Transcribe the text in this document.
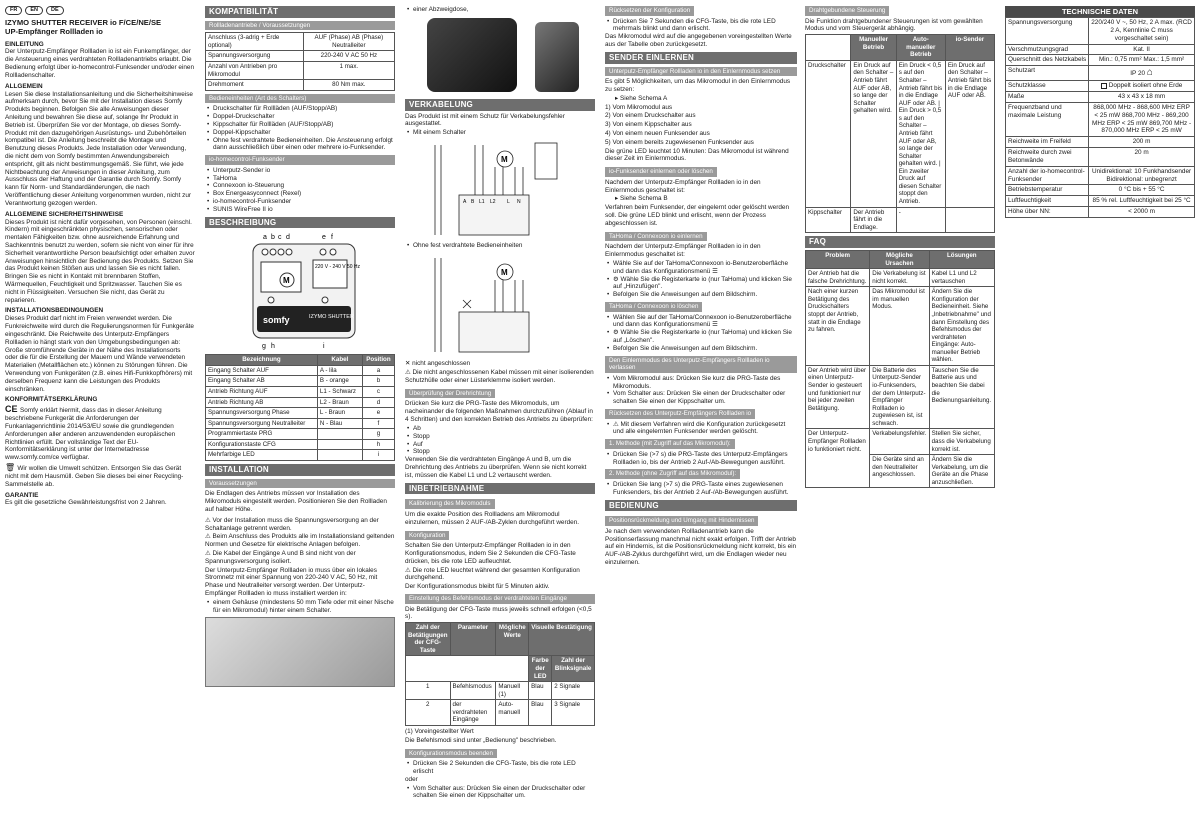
FR	EN	DE
IZYMO SHUTTER RECEIVER io F/CE/NE/SE
UP-Empfänger Rollladen io
EINLEITUNG

Der Unterputz-Empfänger Rollladen io ist ein Funkempfänger, der die Ansteuerung eines verdrahteten Rollladenantriebs erlaubt. Die Bedienung erfolgt über io-homecontrol-Funksender und/oder einen Rollladenschalter.

ALLGEMEIN

Lesen Sie diese Installationsanleitung und die Sicherheitshinweise aufmerksam durch, bevor Sie mit der Installation dieses Somfy Produkts beginnen. Befolgen Sie alle Anweisungen dieser Anleitung und bewahren Sie diese auf, solange Ihr Produkt in Betrieb ist. Überprüfen Sie vor der Montage, ob dieses Somfy-Produkt mit den dazugehörigen Ausrüstungs- und Zubehörteilen kompatibel ist. Die Anleitung beschreibt die Montage und Benutzung dieses Produkts. Jede Installation oder Verwendung, die nicht dem von Somfy bestimmten Anwendungsbereich entspricht, gilt als nicht bestimmungsgemäß. Sie führt, wie jede Nichtbeachtung der Anweisungen in dieser Anleitung, zum Ausschluss der Haftung und der Garantie durch Somfy. Somfy kann für Norm- und Standardänderungen, die nach Veröffentlichung dieser Anleitung vorgenommen wurden, nicht zur Verantwortung gezogen werden.

ALLGEMEINE SICHERHEITSHINWEISE

Dieses Produkt ist nicht dafür vorgesehen, von Personen (einschl. Kindern) mit eingeschränkten physischen, sensorischen oder mentalen Fähigkeiten bzw. ohne ausreichende Erfahrung und Sachkenntnis benutzt zu werden, sofern sie nicht von einer für ihre Sicherheit verantwortliche Person beaufsichtigt oder erhalten zuvor Anweisungen hinsichtlich der Bedienung des Produkts. Setzen Sie das Produkt keinen Stößen aus und lassen Sie es nicht fallen. Bringen Sie es nicht in Kontakt mit brennbaren Stoffen, Wärmequellen, Feuchtigkeit und Spritzwasser. Tauchen Sie es nicht in Flüssigkeiten. Versuchen Sie nicht, das Gerät zu reparieren.

INSTALLATIONSBEDINGUNGEN

Dieses Produkt darf nicht im Freien verwendet werden. Die Funkreichweite wird durch die Regulierungsnormen für Funkgeräte eingeschränkt. Die Reichweite des Unterputz-Empfängers Rollladen io hängt stark von den Umgebungsbedingungen ab: Große stromführende Geräte in der Nähe des Installationsorts oder die für die Erstellung der Mauern und Wände verwendeten Materialien (Metallflächen etc.) können zu Störungen führen. Die Verwendung von Funkgeräten (z.B. eines Hifi-Funkkopfhörers) mit derselben Frequenz kann die Leistungen des Produkts einschränken.

KONFORMITÄTSERKLÄRUNG

CE Somfy erklärt hiermit, dass das in dieser Anleitung beschriebene Funkgerät die Anforderungen der Funkanlagenrichtlinie 2014/53/EU sowie die grundlegenden Anforderungen aller anderen anzuwendenden europäischen Richtlinien erfüllt. Der vollständige Text der EU-Konformitätserklärung ist unter der Internetadresse www.somfy.com/ce verfügbar.

🗑 Wir wollen die Umwelt schützen. Entsorgen Sie das Gerät nicht mit dem Hausmüll. Geben Sie dieses bei einer Recycling-Sammelstelle ab.

GARANTIE

Es gilt die gesetzliche Gewährleistungsfrist von 2 Jahren.

KOMPATIBILITÄT
Rollladenantriebe / Voraussetzungen
Anschluss (3-adrig + Erde optional)	AUF (Phase) AB (Phase) Neutralleiter
Spannungsversorgung	220-240 V AC 50 Hz
Anzahl von Antrieben pro Mikromodul	1 max.
Drehmoment	80 Nm max.
Bedieneinheiten (Art des Schalters)
• Druckschalter für Rollläden (AUF/Stopp/AB)
• Doppel-Druckschalter
• Kippschalter für Rollläden (AUF/Stopp/AB)
• Doppel-Kippschalter
• Ohne fest verdrahtete Bedieneinheiten. Die Ansteuerung erfolgt dann ausschließlich über einen oder mehrere io-Funksender.
io-homecontrol-Funksender
• Unterputz-Sender io
• TaHoma
• Connexoon io-Steuerung
• Box Energeasyconnect (Rexel)
• io-homecontrol-Funksender
• SUNIS WireFree II io
BESCHREIBUNG
a b c d	e f
M
220 V - 240 V 50 Hz
somfy	IZYMO SHUTTER
g h	i
Bezeichnung	Kabel	Position
Eingang Schalter AUF	A - lila	a
Eingang Schalter AB	B - orange	b
Antrieb Richtung AUF	L1 - Schwarz	c
Antrieb Richtung AB	L2 - Braun	d
Spannungsversorgung Phase	L - Braun	e
Spannungsversorgung Neutralleiter	N - Blau	f
Programmiertaste PRG		g
Konfigurationstaste CFG		h
Mehrfarbige LED		i
INSTALLATION
Voraussetzungen

Die Endlagen des Antriebs müssen vor Installation des Mikromoduls eingestellt werden. Positionieren Sie den Rollladen auf halber Höhe.

⚠ Vor der Installation muss die Spannungsversorgung an der Schaltanlage getrennt werden.

⚠ Beim Anschluss des Produkts alle im Installationsland geltenden Normen und Gesetze für elektrische Anlagen befolgen.

⚠ Die Kabel der Eingänge A und B sind nicht von der Spannungsversorgung isoliert.

Der Unterputz-Empfänger Rollladen io muss über ein lokales Stromnetz mit einer Spannung von 220-240 V AC, 50 Hz, mit Phase und Neutralleiter versorgt werden. Der Unterputz-Empfänger Rollladen io muss installiert werden in:

• einem Gehäuse (mindestens 50 mm Tiefe oder mit einer Nische für ein Mikromodul) hinter einem Schalter.
• einer Abzweigdose,
VERKABELUNG

Das Produkt ist mit einem Schutz für Verkabelungsfehler ausgestattet.

• Mit einem Schalter
M
A B L1 L2 L N
• Ohne fest verdrahtete Bedieneinheiten
M

✕ nicht angeschlossen

⚠ Die nicht angeschlossenen Kabel müssen mit einer isolierenden Schutzhülle oder einer Lüsterklemme isoliert werden.

Überprüfung der Drehrichtung

Drücken Sie kurz die PRG-Taste des Mikromoduls, um nacheinander die folgenden Maßnahmen durchzuführen (Ablauf in 4 Schritten) und den korrekten Betrieb des Antriebs zu überprüfen:

• Ab
• Stopp
• Auf
• Stopp

Verwenden Sie die verdrahteten Eingänge A und B, um die Drehrichtung des Antriebs zu überprüfen. Wenn sie nicht korrekt ist, müssen die Kabel L1 und L2 vertauscht werden.

INBETRIEBNAHME
Kalibrierung des Mikromoduls

Um die exakte Position des Rollladens am Mikromodul einzulernen, müssen 2 AUF-/AB-Zyklen durchgeführt werden.

Konfiguration

Schalten Sie den Unterputz-Empfänger Rollladen io in den Konfigurationsmodus, indem Sie 2 Sekunden die CFG-Taste drücken, bis die rote LED aufleuchtet.

⚠ Die rote LED leuchtet während der gesamten Konfiguration durchgehend.

Der Konfigurationsmodus bleibt für 5 Minuten aktiv.

Einstellung des Befehlsmodus der verdrahteten Eingänge

Die Betätigung der CFG-Taste muss jeweils schnell erfolgen (<0,5 s).

Zahl der Betätigungen der CFG-Taste	Parameter	Mögliche Werte	Visuelle Bestätigung	
			Farbe der LED	Zahl der Blinksignale
1	Befehlsmodus	Manuell (1)	Blau	2 Signale
2	der verdrahteten Eingänge	Auto-manuell	Blau	3 Signale

(1) Voreingestellter Wert

Die Befehlsmodi sind unter „Bedienung" beschrieben.

Konfigurationsmodus beenden
• Drücken Sie 2 Sekunden die CFG-Taste, bis die rote LED erlischt

oder

• Vom Schalter aus: Drücken Sie einen der Druckschalter oder schalten Sie einen der Kippschalter um.
Rücksetzen der Konfiguration
• Drücken Sie 7 Sekunden die CFG-Taste, bis die rote LED mehrmals blinkt und dann erlischt.

Das Mikromodul wird auf die angegebenen voreingestellten Werte aus der Tabelle oben zurückgesetzt.

SENDER EINLERNEN
Unterputz-Empfänger Rollladen io in den Einlernmodus setzen

Es gibt 5 Möglichkeiten, um das Mikromodul in den Einlernmodus zu setzen:

▸ Siehe Schema A

1) Vom Mikromodul aus

2) Von einem Druckschalter aus

3) Von einem Kippschalter aus

4) Von einem neuen Funksender aus

5) Von einem bereits zugewiesenen Funksender aus

Die grüne LED leuchtet 10 Minuten: Das Mikromodul ist während dieser Zeit im Einlernmodus.

io-Funksender einlernen oder löschen

Nachdem der Unterputz-Empfänger Rollladen io in den Einlernmodus geschaltet ist:

▸ Siehe Schema B

Verfahren beim Funksender, der eingelernt oder gelöscht werden soll. Die grüne LED blinkt und erlischt, wenn der Prozess abgeschlossen ist.

TaHoma / Connexoon io einlernen

Nachdem der Unterputz-Empfänger Rollladen io in den Einlernmodus geschaltet ist:

• Wähle Sie auf der TaHoma/Connexoon io-Benutzeroberfläche und dann das Konfigurationsmenü ☰
• ⚙ Wähle Sie die Registerkarte io (nur TaHoma) und klicken Sie auf „Hinzufügen".
• Befolgen Sie die Anweisungen auf dem Bildschirm.
TaHoma / Connexoon io löschen
• Wählen Sie auf der TaHoma/Connexoon io-Benutzeroberfläche und dann das Konfigurationsmenü ☰
• ⚙ Wähle Sie die Registerkarte io (nur TaHoma) und klicken Sie auf „Löschen".
• Befolgen Sie die Anweisungen auf dem Bildschirm.
Den Einlernmodus des Unterputz-Empfängers Rollladen io verlassen
• Vom Mikromodul aus: Drücken Sie kurz die PRG-Taste des Mikromoduls.
• Vom Schalter aus: Drücken Sie einen der Druckschalter oder schalten Sie einen der Kippschalter um.
Rücksetzen des Unterputz-Empfängers Rollladen io
• ⚠ Mit diesem Verfahren wird die Konfiguration zurückgesetzt und alle eingelernten Funksender werden gelöscht.
1. Methode (mit Zugriff auf das Mikromodul):
• Drücken Sie (>7 s) die PRG-Taste des Unterputz-Empfängers Rollladen io, bis der Antrieb 2 Auf-/Ab-Bewegungen ausführt.
2. Methode (ohne Zugriff auf das Mikromodul):
• Drücken Sie lang (>7 s) die PRG-Taste eines zugewiesenen Funksenders, bis der Antrieb 2 Auf-/Ab-Bewegungen ausführt.
BEDIENUNG
Positionsrückmeldung und Umgang mit Hindernissen

Je nach dem verwendeten Rollladenantrieb kann die Positionserfassung manchmal nicht exakt erfolgen. Trifft der Antrieb auf ein Hindernis, ist die Positionsrückmeldung nicht korrekt, bis ein AUF-/AB-Zyklus durchgeführt wird, um die Endlagen wieder neu einzulernen.

Drahtgebundene Steuerung

Die Funktion drahtgebundener Steuerungen ist vom gewählten Modus und vom Steuergerät abhängig.

	Manueller Betrieb	Auto-manueller Betrieb	io-Sender
Druckschalter	Ein Druck auf den Schalter – Antrieb fährt AUF oder AB, so lange der Schalter gehalten wird.	Ein Druck < 0,5 s auf den Schalter – Antrieb fährt bis in die Endlage AUF oder AB. | Ein Druck > 0,5 s auf den Schalter – Antrieb fährt AUF oder AB, so lange der Schalter gehalten wird. | Ein zweiter Druck auf diesen Schalter stoppt den Antrieb.	Ein Druck auf den Schalter – Antrieb fährt bis in die Endlage AUF oder AB.
Kippschalter	Der Antrieb fährt in die Endlage.	-	
FAQ
Problem	Mögliche Ursachen	Lösungen
Der Antrieb hat die falsche Drehrichtung.	Die Verkabelung ist nicht korrekt.	Kabel L1 und L2 vertauschen
Nach einer kurzen Betätigung des Druckschalters stoppt der Antrieb, statt in die Endlage zu fahren.	Das Mikromodul ist im manuellen Modus.	Ändern Sie die Konfiguration der Bedieneinheit. Siehe „Inbetriebnahme" und dann Einstellung des Befehlsmodus der verdrahteten Eingänge: Auto-manueller Betrieb wählen.
Der Antrieb wird über einen Unterputz-Sender io gesteuert und funktioniert nur bei jeder zweiten Betätigung.	Die Batterie des Unterputz-Sender io-Funksenders, der dem Unterputz-Empfänger Rollladen io zugewiesen ist, ist schwach.	Tauschen Sie die Batterie aus und beachten Sie dabei die Bedienungsanleitung.
Der Unterputz-Empfänger Rollladen io funktioniert nicht.	Verkabelungsfehler.	Stellen Sie sicher, dass die Verkabelung korrekt ist.
	Die Geräte sind an den Neutralleiter angeschlossen.	Ändern Sie die Verkabelung, um die Geräte an die Phase anzuschließen.
TECHNISCHE DATEN
Spannungsversorgung	220/240 V ~, 50 Hz, 2 A max. (RCD 2 A, Kennlinie C muss vorgeschaltet sein)
Verschmutzungsgrad	Kat. II
Querschnitt des Netzkabels	Min.: 0,75 mm² Max.: 1,5 mm²
Schutzart	IP 20 ⌂
Schutzklasse	Doppelt isoliert ohne Erde
Maße	43 x 43 x 18 mm
Frequenzband und maximale Leistung	868,000 MHz - 868,600 MHz ERP < 25 mW 868,700 MHz - 869,200 MHz ERP < 25 mW 869,700 MHz - 870,000 MHz ERP < 25 mW
Reichweite im Freifeld	200 m
Reichweite durch zwei Betonwände	20 m
Anzahl der io-homecontrol-Funksender	Unidirektional: 10 Funkhandsender Bidirektional: unbegrenzt
Betriebstemperatur	0 °C bis + 55 °C
Luftfeuchtigkeit	85 % rel. Luftfeuchtigkeit bei 25 °C
Höhe über NN:	< 2000 m
